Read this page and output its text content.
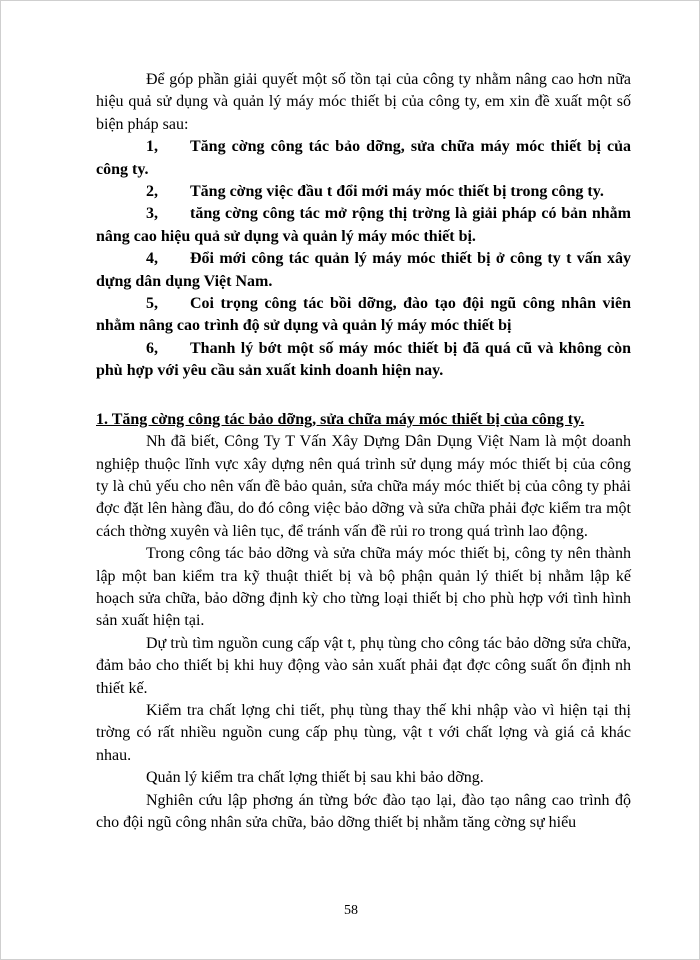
Để góp phần giải quyết một số tồn tại của công ty nhằm nâng cao hơn nữa hiệu quả sử dụng và quản lý máy móc thiết bị của công ty, em xin đề xuất một số biện pháp sau:

1, Tăng cờng công tác bảo dỡng, sửa chữa máy móc thiết bị của công ty.

2, Tăng cờng việc đầu t đổi mới máy móc thiết bị trong công ty.

3, tăng cờng công tác mở rộng thị trờng là giải pháp có bản nhằm nâng cao hiệu quả sử dụng và quản lý máy móc thiết bị.

4, Đổi mới công tác quản lý máy móc thiết bị ở công ty t vấn xây dựng dân dụng Việt Nam.

5, Coi trọng công tác bồi dỡng, đào tạo đội ngũ công nhân viên nhằm nâng cao trình độ sử dụng và quản lý máy móc thiết bị

6, Thanh lý bớt một số máy móc thiết bị đã quá cũ và không còn phù hợp với yêu cầu sản xuất kinh doanh hiện nay.

1. Tăng cờng công tác bảo dỡng, sửa chữa máy móc thiết bị của công ty.

Nh đã biết, Công Ty T Vấn Xây Dựng Dân Dụng Việt Nam là một doanh nghiệp thuộc lĩnh vực xây dựng nên quá trình sử dụng máy móc thiết bị của công ty là chủ yếu cho nên vấn đề bảo quản, sửa chữa máy móc thiết bị của công ty phải đợc đặt lên hàng đầu, do đó công việc bảo dỡng và sửa chữa phải đợc kiểm tra một cách thờng xuyên và liên tục, để tránh vấn đề rủi ro trong quá trình lao động.

Trong công tác bảo dỡng và sửa chữa máy móc thiết bị, công ty nên thành lập một ban kiểm tra kỹ thuật thiết bị và bộ phận quản lý thiết bị nhằm lập kế hoạch sửa chữa, bảo dỡng định kỳ cho từng loại thiết bị cho phù hợp với tình hình sản xuất hiện tại.

Dự trù tìm nguồn cung cấp vật t, phụ tùng cho công tác bảo dỡng sửa chữa, đảm bảo cho thiết bị khi huy động vào sản xuất phải đạt đợc công suất ổn định nh thiết kế.

Kiểm tra chất lợng chi tiết, phụ tùng thay thế khi nhập vào vì hiện tại thị trờng có rất nhiều nguồn cung cấp phụ tùng, vật t với chất lợng và giá cả khác nhau.

Quản lý kiểm tra chất lợng thiết bị sau khi bảo dỡng.

Nghiên cứu lập phơng án từng bớc đào tạo lại, đào tạo nâng cao trình độ cho đội ngũ công nhân sửa chữa, bảo dỡng thiết bị nhằm tăng cờng sự hiểu

58
